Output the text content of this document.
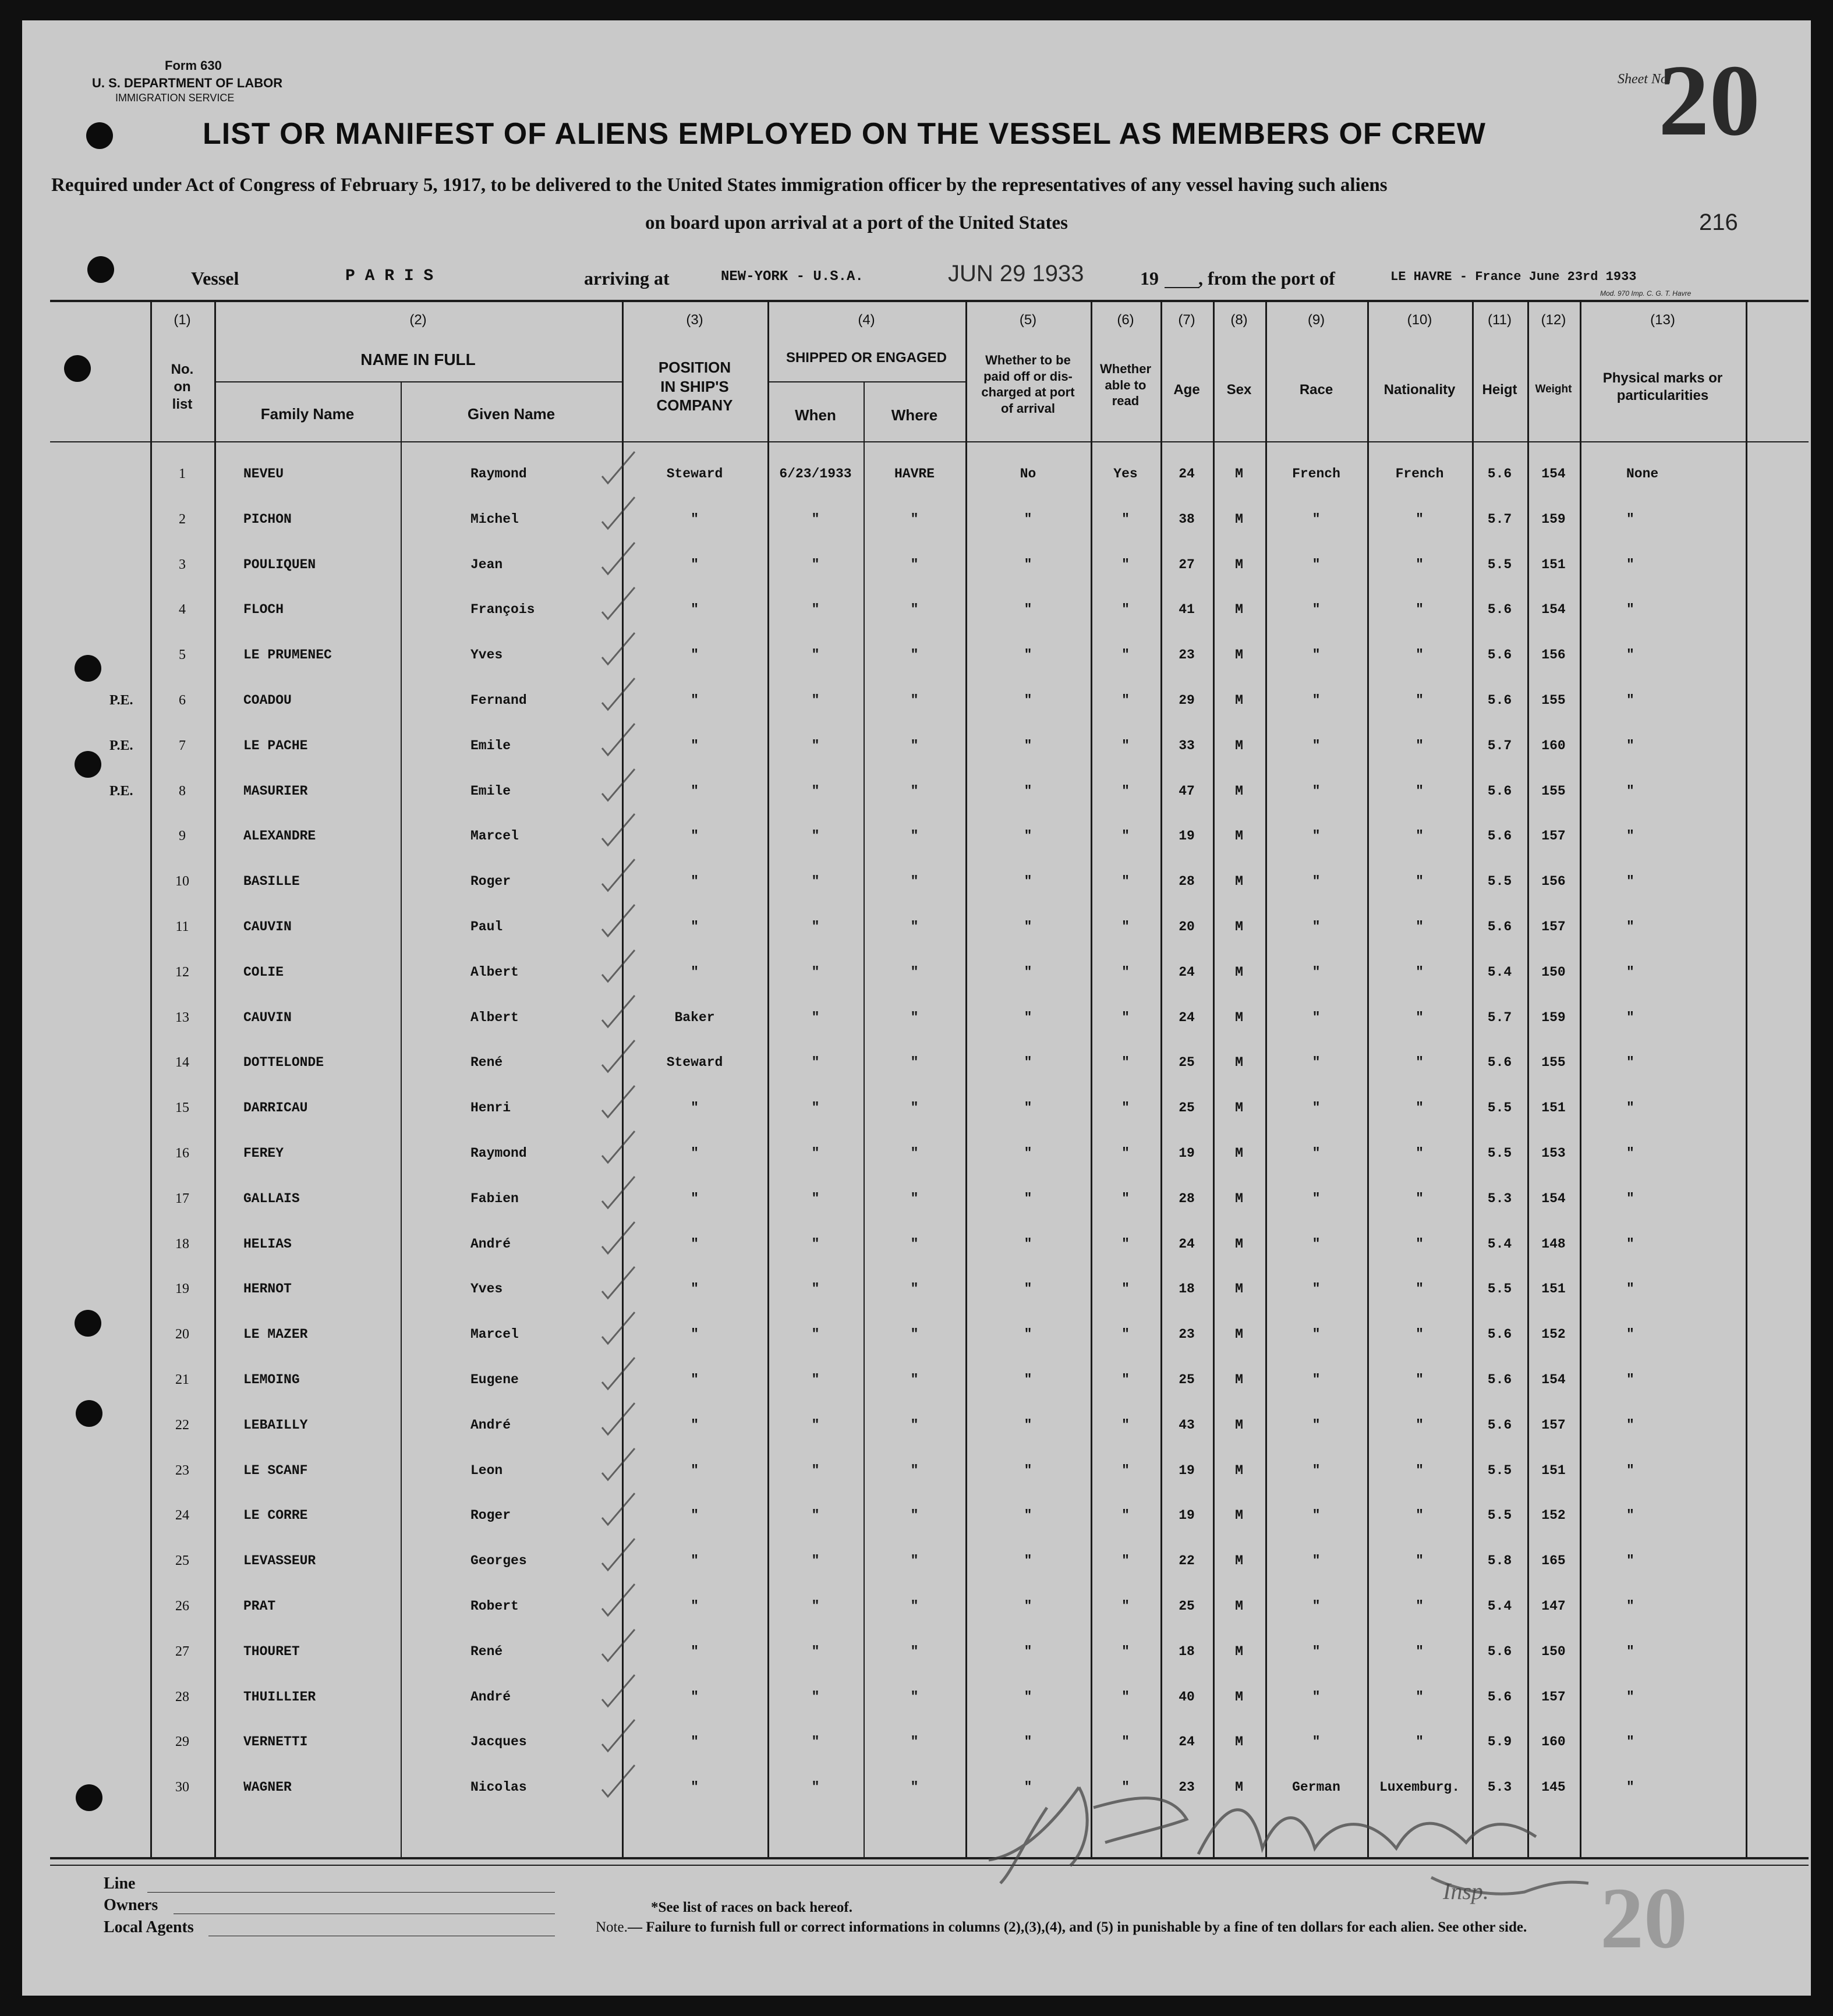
Form 630
U. S. DEPARTMENT OF LABOR
IMMIGRATION SERVICE
Sheet No.
20
LIST OR MANIFEST OF ALIENS EMPLOYED ON THE VESSEL AS MEMBERS OF CREW
Required under Act of Congress of February 5, 1917, to be delivered to the United States immigration officer by the representatives of any vessel having such aliens
on board upon arrival at a port of the United States	216
Vessel	P A R I S	arriving at	NEW-YORK - U.S.A.	JUN 29 1933	19 , from the port of	LE HAVRE - France June 23rd 1933
Mod. 970 Imp. C. G. T. Havre
(1)	(2)	(3)	(4)	(5)	(6)	(7)	(8)	(9)	(10)	(11)	(12)	(13)
No.
on
list
NAME IN FULL
Family Name	Given Name
POSITION
IN SHIP'S
COMPANY
SHIPPED OR ENGAGED
When	Where
Whether to be
paid off or dis-
charged at port
of arrival
Whether
able to
read
Age	Sex	Race	Nationality	Heigt	Weight
Physical marks or
particularities
1	NEVEU	Raymond	Steward	6/23/1933	HAVRE	No	Yes	24	M	French	French	5.6	154	None
2	PICHON	Michel	"	"	"	"	"	38	M	"	"	5.7	159	"
3	POULIQUEN	Jean	"	"	"	"	"	27	M	"	"	5.5	151	"
4	FLOCH	François	"	"	"	"	"	41	M	"	"	5.6	154	"
5	LE PRUMENEC	Yves	"	"	"	"	"	23	M	"	"	5.6	156	"
P.E.	6	COADOU	Fernand	"	"	"	"	"	29	M	"	"	5.6	155	"
P.E.	7	LE PACHE	Emile	"	"	"	"	"	33	M	"	"	5.7	160	"
P.E.	8	MASURIER	Emile	"	"	"	"	"	47	M	"	"	5.6	155	"
9	ALEXANDRE	Marcel	"	"	"	"	"	19	M	"	"	5.6	157	"
10	BASILLE	Roger	"	"	"	"	"	28	M	"	"	5.5	156	"
11	CAUVIN	Paul	"	"	"	"	"	20	M	"	"	5.6	157	"
12	COLIE	Albert	"	"	"	"	"	24	M	"	"	5.4	150	"
13	CAUVIN	Albert	Baker	"	"	"	"	24	M	"	"	5.7	159	"
14	DOTTELONDE	René	Steward	"	"	"	"	25	M	"	"	5.6	155	"
15	DARRICAU	Henri	"	"	"	"	"	25	M	"	"	5.5	151	"
16	FEREY	Raymond	"	"	"	"	"	19	M	"	"	5.5	153	"
17	GALLAIS	Fabien	"	"	"	"	"	28	M	"	"	5.3	154	"
18	HELIAS	André	"	"	"	"	"	24	M	"	"	5.4	148	"
19	HERNOT	Yves	"	"	"	"	"	18	M	"	"	5.5	151	"
20	LE MAZER	Marcel	"	"	"	"	"	23	M	"	"	5.6	152	"
21	LEMOING	Eugene	"	"	"	"	"	25	M	"	"	5.6	154	"
22	LEBAILLY	André	"	"	"	"	"	43	M	"	"	5.6	157	"
23	LE SCANF	Leon	"	"	"	"	"	19	M	"	"	5.5	151	"
24	LE CORRE	Roger	"	"	"	"	"	19	M	"	"	5.5	152	"
25	LEVASSEUR	Georges	"	"	"	"	"	22	M	"	"	5.8	165	"
26	PRAT	Robert	"	"	"	"	"	25	M	"	"	5.4	147	"
27	THOURET	René	"	"	"	"	"	18	M	"	"	5.6	150	"
28	THUILLIER	André	"	"	"	"	"	40	M	"	"	5.6	157	"
29	VERNETTI	Jacques	"	"	"	"	"	24	M	"	"	5.9	160	"
30	WAGNER	Nicolas	"	"	"	"	"	23	M	German	Luxemburg.	5.3	145	"
Insp.
Line
Owners
Local Agents
*See list of races on back hereof.
Note. — Failure to furnish full or correct informations in columns (2),(3),(4), and (5) in punishable by a fine of ten dollars for each alien. See other side. 20
